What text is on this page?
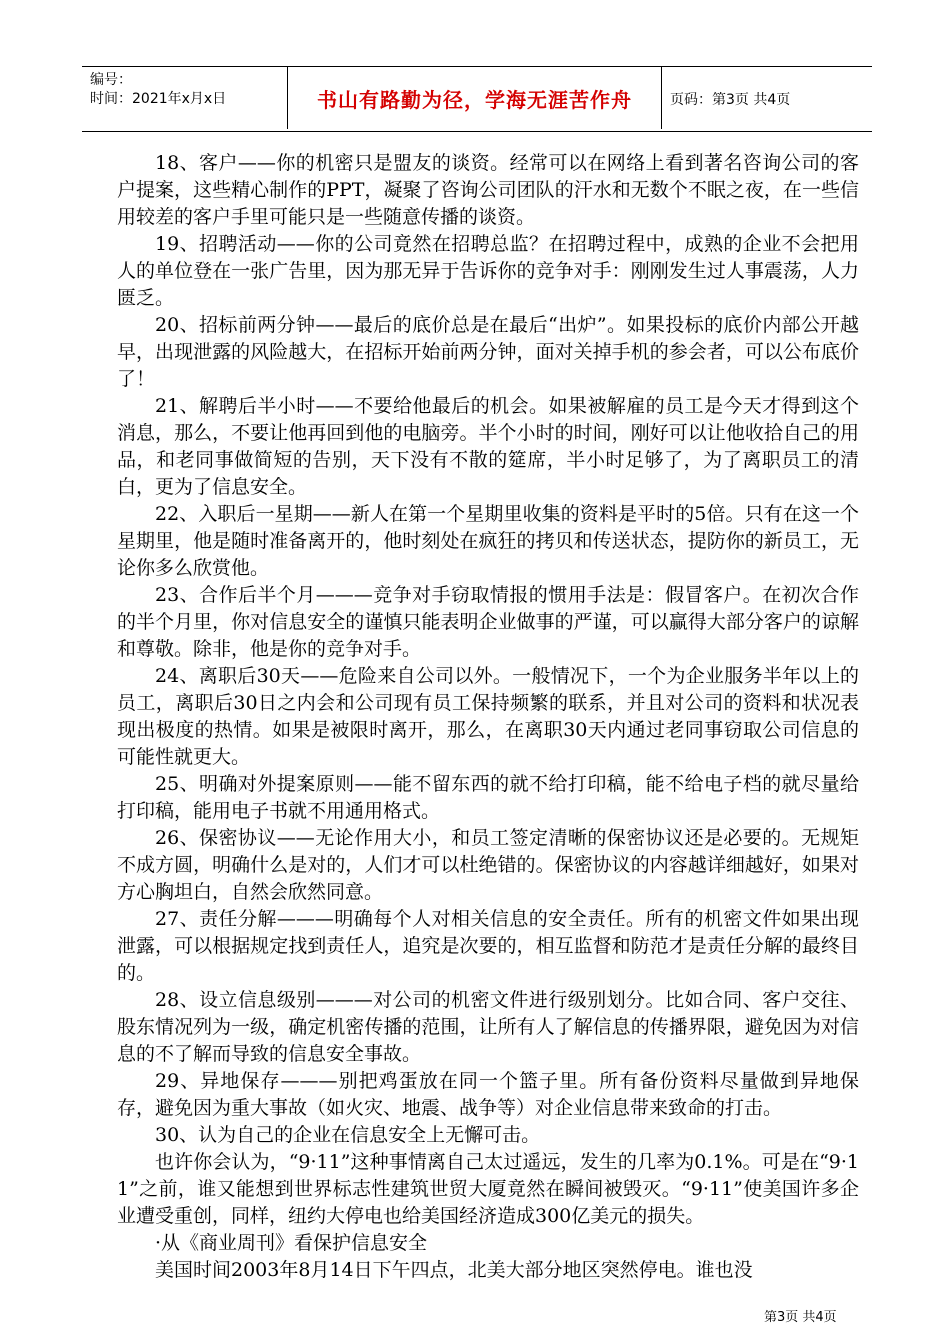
编号：
时间：2021年x月x日	书山有路勤为径，学海无涯苦作舟	页码：第3页 共4页

18、客户——你的机密只是盟友的谈资。经常可以在网络上看到著名咨询公司的客户提案，这些精心制作的PPT，凝聚了咨询公司团队的汗水和无数个不眠之夜，在一些信用较差的客户手里可能只是一些随意传播的谈资。

19、招聘活动——你的公司竟然在招聘总监？在招聘过程中，成熟的企业不会把用人的单位登在一张广告里，因为那无异于告诉你的竞争对手：刚刚发生过人事震荡，人力匮乏。

20、招标前两分钟——最后的底价总是在最后“出炉”。如果投标的底价内部公开越早，出现泄露的风险越大，在招标开始前两分钟，面对关掉手机的参会者，可以公布底价了！

21、解聘后半小时——不要给他最后的机会。如果被解雇的员工是今天才得到这个消息，那么，不要让他再回到他的电脑旁。半个小时的时间，刚好可以让他收拾自己的用品，和老同事做简短的告别，天下没有不散的筵席，半小时足够了，为了离职员工的清白，更为了信息安全。

22、入职后一星期——新人在第一个星期里收集的资料是平时的5倍。只有在这一个星期里，他是随时准备离开的，他时刻处在疯狂的拷贝和传送状态，提防你的新员工，无论你多么欣赏他。

23、合作后半个月———竞争对手窃取情报的惯用手法是：假冒客户。在初次合作的半个月里，你对信息安全的谨慎只能表明企业做事的严谨，可以赢得大部分客户的谅解和尊敬。除非，他是你的竞争对手。

24、离职后30天——危险来自公司以外。一般情况下，一个为企业服务半年以上的员工，离职后30日之内会和公司现有员工保持频繁的联系，并且对公司的资料和状况表现出极度的热情。如果是被限时离开，那么，在离职30天内通过老同事窃取公司信息的可能性就更大。

25、明确对外提案原则——能不留东西的就不给打印稿，能不给电子档的就尽量给打印稿，能用电子书就不用通用格式。

26、保密协议——无论作用大小，和员工签定清晰的保密协议还是必要的。无规矩不成方圆，明确什么是对的，人们才可以杜绝错的。保密协议的内容越详细越好，如果对方心胸坦白，自然会欣然同意。

27、责任分解———明确每个人对相关信息的安全责任。所有的机密文件如果出现泄露，可以根据规定找到责任人，追究是次要的，相互监督和防范才是责任分解的最终目的。

28、设立信息级别———对公司的机密文件进行级别划分。比如合同、客户交往、股东情况列为一级，确定机密传播的范围，让所有人了解信息的传播界限，避免因为对信息的不了解而导致的信息安全事故。

29、异地保存———别把鸡蛋放在同一个篮子里。所有备份资料尽量做到异地保存，避免因为重大事故（如火灾、地震、战争等）对企业信息带来致命的打击。

30、认为自己的企业在信息安全上无懈可击。

也许你会认为，“9·11”这种事情离自己太过遥远，发生的几率为0.1%。可是在“9·11”之前，谁又能想到世界标志性建筑世贸大厦竟然在瞬间被毁灭。“9·11”使美国许多企业遭受重创，同样，纽约大停电也给美国经济造成300亿美元的损失。

·从《商业周刊》看保护信息安全

美国时间2003年8月14日下午四点，北美大部分地区突然停电。谁也没

第3页 共4页
